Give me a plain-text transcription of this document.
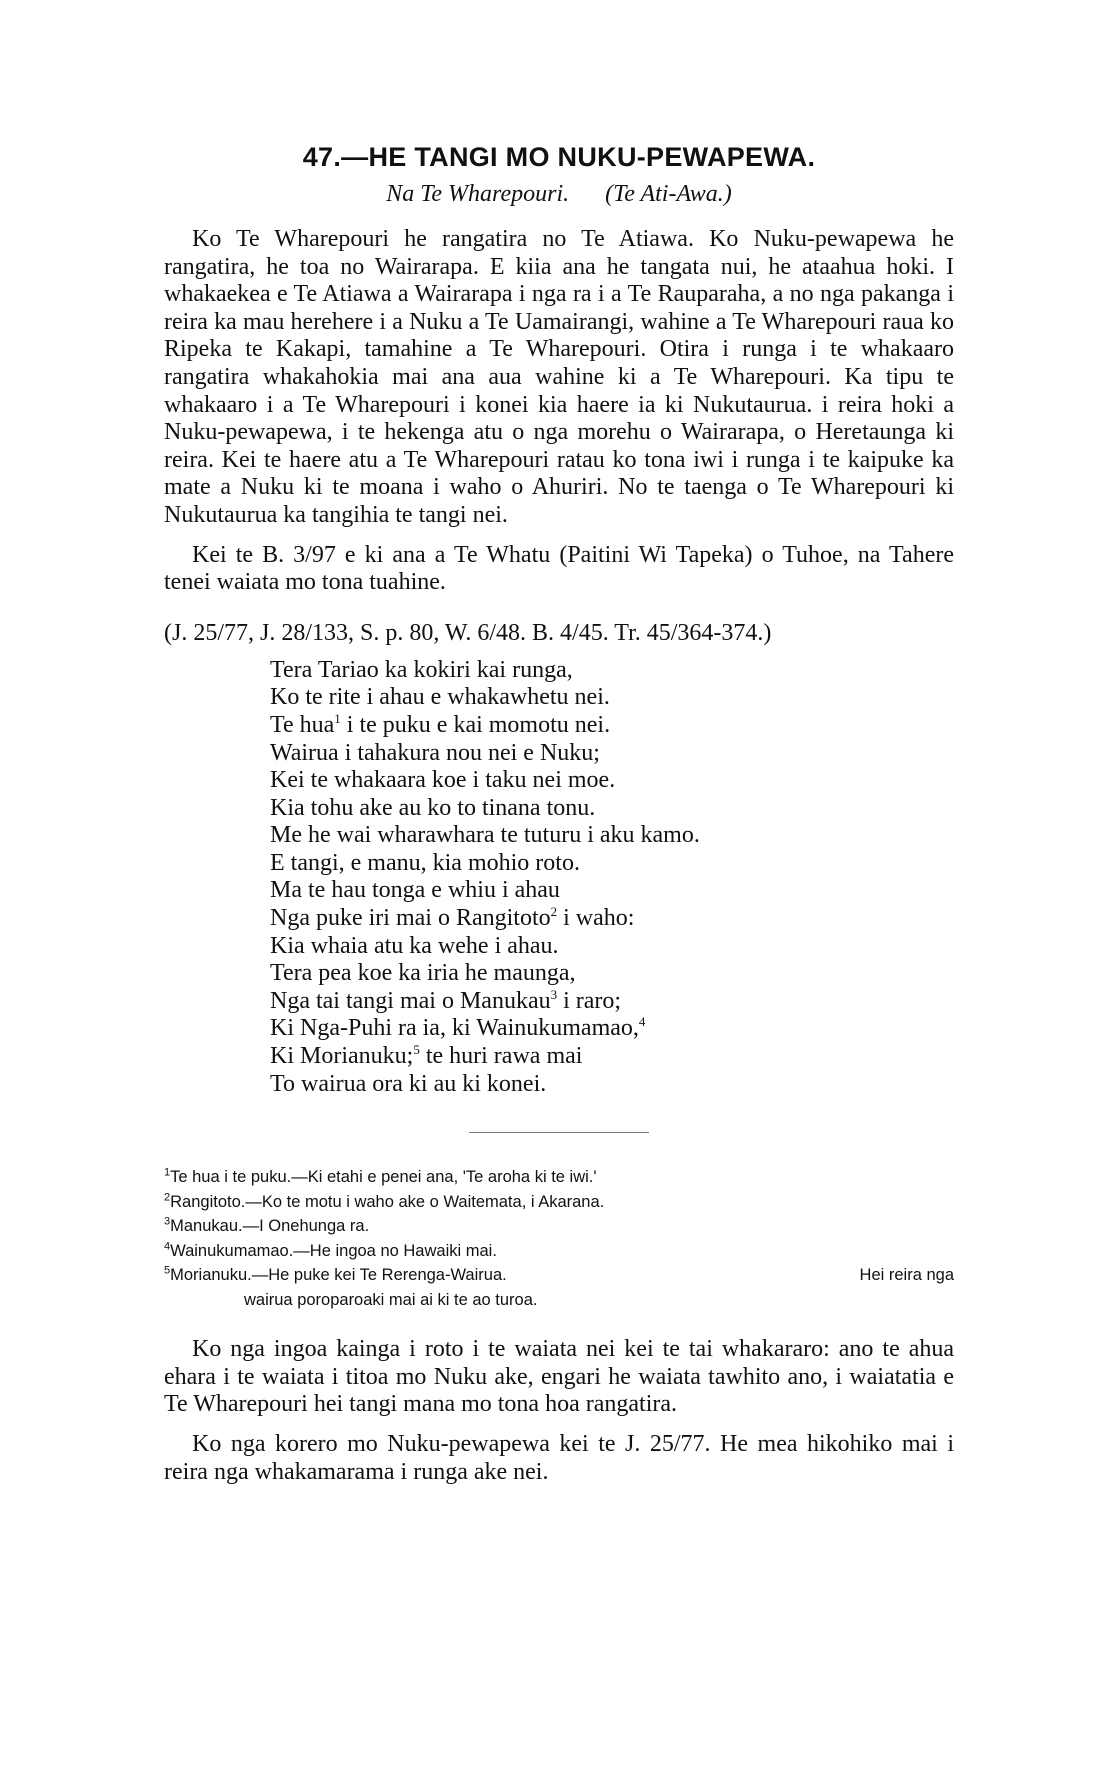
47.—HE TANGI MO NUKU-PEWAPEWA.
Na Te Wharepouri. (Te Ati-Awa.)

Ko Te Wharepouri he rangatira no Te Atiawa. Ko Nuku-pewapewa he rangatira, he toa no Wairarapa. E kiia ana he tangata nui, he ataahua hoki. I whakaekea e Te Atiawa a Wairarapa i nga ra i a Te Rauparaha, a no nga pakanga i reira ka mau herehere i a Nuku a Te Uamairangi, wahine a Te Wharepouri raua ko Ripeka te Kakapi, tamahine a Te Wharepouri. Otira i runga i te whakaaro rangatira whakahokia mai ana aua wahine ki a Te Wharepouri. Ka tipu te whakaaro i a Te Wharepouri i konei kia haere ia ki Nukutaurua. i reira hoki a Nuku-pewapewa, i te hekenga atu o nga morehu o Wairarapa, o Heretaunga ki reira. Kei te haere atu a Te Wharepouri ratau ko tona iwi i runga i te kaipuke ka mate a Nuku ki te moana i waho o Ahuriri. No te taenga o Te Wharepouri ki Nukutaurua ka tangihia te tangi nei.

Kei te B. 3/97 e ki ana a Te Whatu (Paitini Wi Tapeka) o Tuhoe, na Tahere tenei waiata mo tona tuahine.

(J. 25/77, J. 28/133, S. p. 80, W. 6/48. B. 4/45. Tr. 45/364-374.)
Tera Tariao ka kokiri kai runga,
Ko te rite i ahau e whakawhetu nei.
Te hua$^1$ i te puku e kai momotu nei.
Wairua i tahakura nou nei e Nuku;
Kei te whakaara koe i taku nei moe.
Kia tohu ake au ko to tinana tonu.
Me he wai wharawhara te tuturu i aku kamo.
E tangi, e manu, kia mohio roto.
Ma te hau tonga e whiu i ahau
Nga puke iri mai o Rangitoto$^2$ i waho:
Kia whaia atu ka wehe i ahau.
Tera pea koe ka iria he maunga,
Nga tai tangi mai o Manukau$^3$ i raro;
Ki Nga-Puhi ra ia, ki Wainukumamao,$^4$
Ki Morianuku;$^5$ te huri rawa mai
To wairua ora ki au ki konei.
$^1$Te hua i te puku.—Ki etahi e penei ana, 'Te aroha ki te iwi.'
$^2$Rangitoto.—Ko te motu i waho ake o Waitemata, i Akarana.
$^3$Manukau.—I Onehunga ra.
$^4$Wainukumamao.—He ingoa no Hawaiki mai.
$^5$Morianuku.—He puke kei Te Rerenga-Wairua.	Hei reira nga
wairua poroparoaki mai ai ki te ao turoa.

Ko nga ingoa kainga i roto i te waiata nei kei te tai whakararo: ano te ahua ehara i te waiata i titoa mo Nuku ake, engari he waiata tawhito ano, i waiatatia e Te Wharepouri hei tangi mana mo tona hoa rangatira.

Ko nga korero mo Nuku-pewapewa kei te J. 25/77. He mea hikohiko mai i reira nga whakamarama i runga ake nei.
